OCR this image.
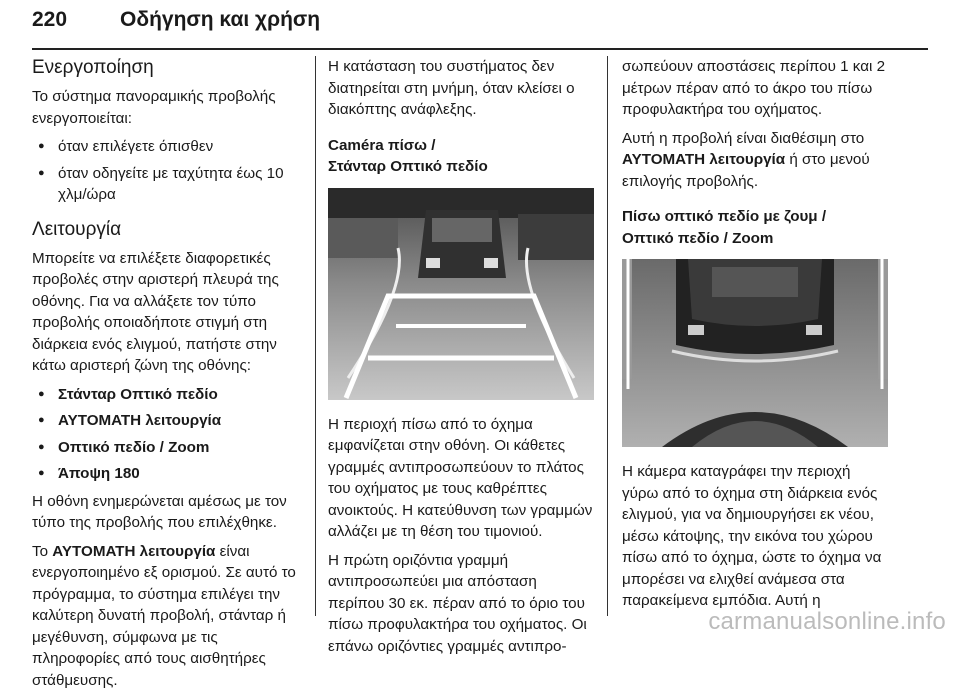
220	Οδήγηση και χρήση
Ενεργοποίηση

Το σύστημα πανοραμικής προβολής ενεργοποιείται:

● όταν επιλέγετε όπισθεν
● όταν οδηγείτε με ταχύτητα έως 10 χλμ/ώρα
Λειτουργία

Μπορείτε να επιλέξετε διαφορετικές προβολές στην αριστερή πλευρά της οθόνης. Για να αλλάξετε τον τύπο προβολής οποιαδήποτε στιγμή στη διάρκεια ενός ελιγμού, πατήστε στην κάτω αριστερή ζώνη της οθόνης:

● Στάνταρ Οπτικό πεδίο
● ΑΥΤΟΜΑΤΗ λειτουργία
● Οπτικό πεδίο / Zoom
● Άποψη 180

Η οθόνη ενημερώνεται αμέσως με τον τύπο της προβολής που επιλέχθηκε.

Το ΑΥΤΟΜΑΤΗ λειτουργία είναι ενεργοποιημένο εξ ορισμού. Σε αυτό το πρόγραμμα, το σύστημα επιλέγει την καλύτερη δυνατή προβολή, στάνταρ ή μεγέθυνση, σύμφωνα με τις πληροφορίες από τους αισθητήρες στάθμευσης.

Η κατάσταση του συστήματος δεν διατηρείται στη μνήμη, όταν κλείσει ο διακόπτης ανάφλεξης.

Caméra πίσω /
Στάνταρ Οπτικό πεδίο

Η περιοχή πίσω από το όχημα εμφανίζεται στην οθόνη. Οι κάθετες γραμμές αντιπροσωπεύουν το πλάτος του οχήματος με τους καθρέπτες ανοικτούς. Η κατεύθυνση των γραμμών αλλάζει με τη θέση του τιμονιού.

Η πρώτη οριζόντια γραμμή αντιπροσωπεύει μια απόσταση περίπου 30 εκ. πέραν από το όριο του πίσω προφυλακτήρα του οχήματος. Οι επάνω οριζόντιες γραμμές αντιπρο-

σωπεύουν αποστάσεις περίπου 1 και 2 μέτρων πέραν από το άκρο του πίσω προφυλακτήρα του οχήματος.

Αυτή η προβολή είναι διαθέσιμη στο ΑΥΤΟΜΑΤΗ λειτουργία ή στο μενού επιλογής προβολής.

Πίσω οπτικό πεδίο με ζουμ /
Οπτικό πεδίο / Zoom

Η κάμερα καταγράφει την περιοχή γύρω από το όχημα στη διάρκεια ενός ελιγμού, για να δημιουργήσει εκ νέου, μέσω κάτοψης, την εικόνα του χώρου πίσω από το όχημα, ώστε το όχημα να μπορέσει να ελιχθεί ανάμεσα στα παρακείμενα εμπόδια. Αυτή η

carmanualsonline.info
